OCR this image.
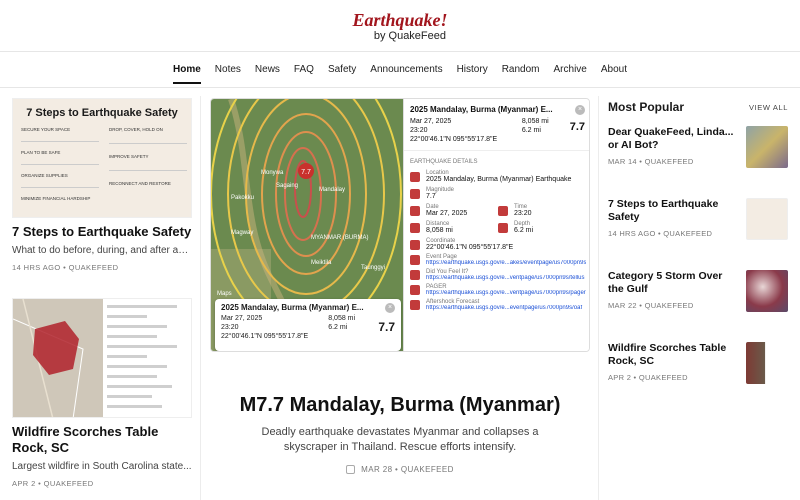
Earthquake!
by QuakeFeed
Home	Notes	News	FAQ	Safety	Announcements	History	Random	Archive	About
7 Steps to Earthquake Safety
SECURE YOUR SPACE
PLAN TO BE SAFE
ORGANIZE SUPPLIES
MINIMIZE FINANCIAL HARDSHIP
DROP, COVER, HOLD ON
IMPROVE SAFETY
RECONNECT AND RESTORE
7 Steps to Earthquake Safety
What to do before, during, and after an...
14 HRS AGO • QUAKEFEED
Wildfire Scorches Table Rock, SC
Largest wildfire in South Carolina state...
APR 2 • QUAKEFEED
7.7
Mandalay
Monywa
Sagaing
Pakokku
Magway
MYANMAR (BURMA)
Meiktila
Taunggyi
Maps
2025 Mandalay, Burma (Myanmar) E...	×
Mar 27, 2025
23:20
22°00'46.1"N 095°55'17.8"E
8,058 mi
6.2 mi	7.7
2025 Mandalay, Burma (Myanmar) E...	×
Mar 27, 2025
23:20
22°00'46.1"N 095°55'17.8"E
8,058 mi
6.2 mi	7.7
EARTHQUAKE DETAILS
Location
2025 Mandalay, Burma (Myanmar) Earthquake
Magnitude
7.7
Date
Mar 27, 2025
Time
23:20
Distance
8,058 mi
Depth
6.2 mi
Coordinate
22°00'46.1"N 095°55'17.8"E
Event Page
https://earthquake.usgs.gov/e...akes/eventpage/us7000pn9s
Did You Feel It?
https://earthquake.usgs.gov/e...ventpage/us7000pn9s/tellus
PAGER
https://earthquake.usgs.gov/e...ventpage/us7000pn9s/pager
Aftershock Forecast
https://earthquake.usgs.gov/e...eventpage/us7000pn9s/oaf
M7.7 Mandalay, Burma (Myanmar)
Deadly earthquake devastates Myanmar and collapses a skyscraper in Thailand. Rescue efforts intensify.
MAR 28 • QUAKEFEED
Most Popular	VIEW ALL
Dear QuakeFeed, Linda... or AI Bot?
MAR 14 • QUAKEFEED
7 Steps to Earthquake Safety
14 HRS AGO • QUAKEFEED
Category 5 Storm Over the Gulf
MAR 22 • QUAKEFEED
Wildfire Scorches Table Rock, SC
APR 2 • QUAKEFEED
